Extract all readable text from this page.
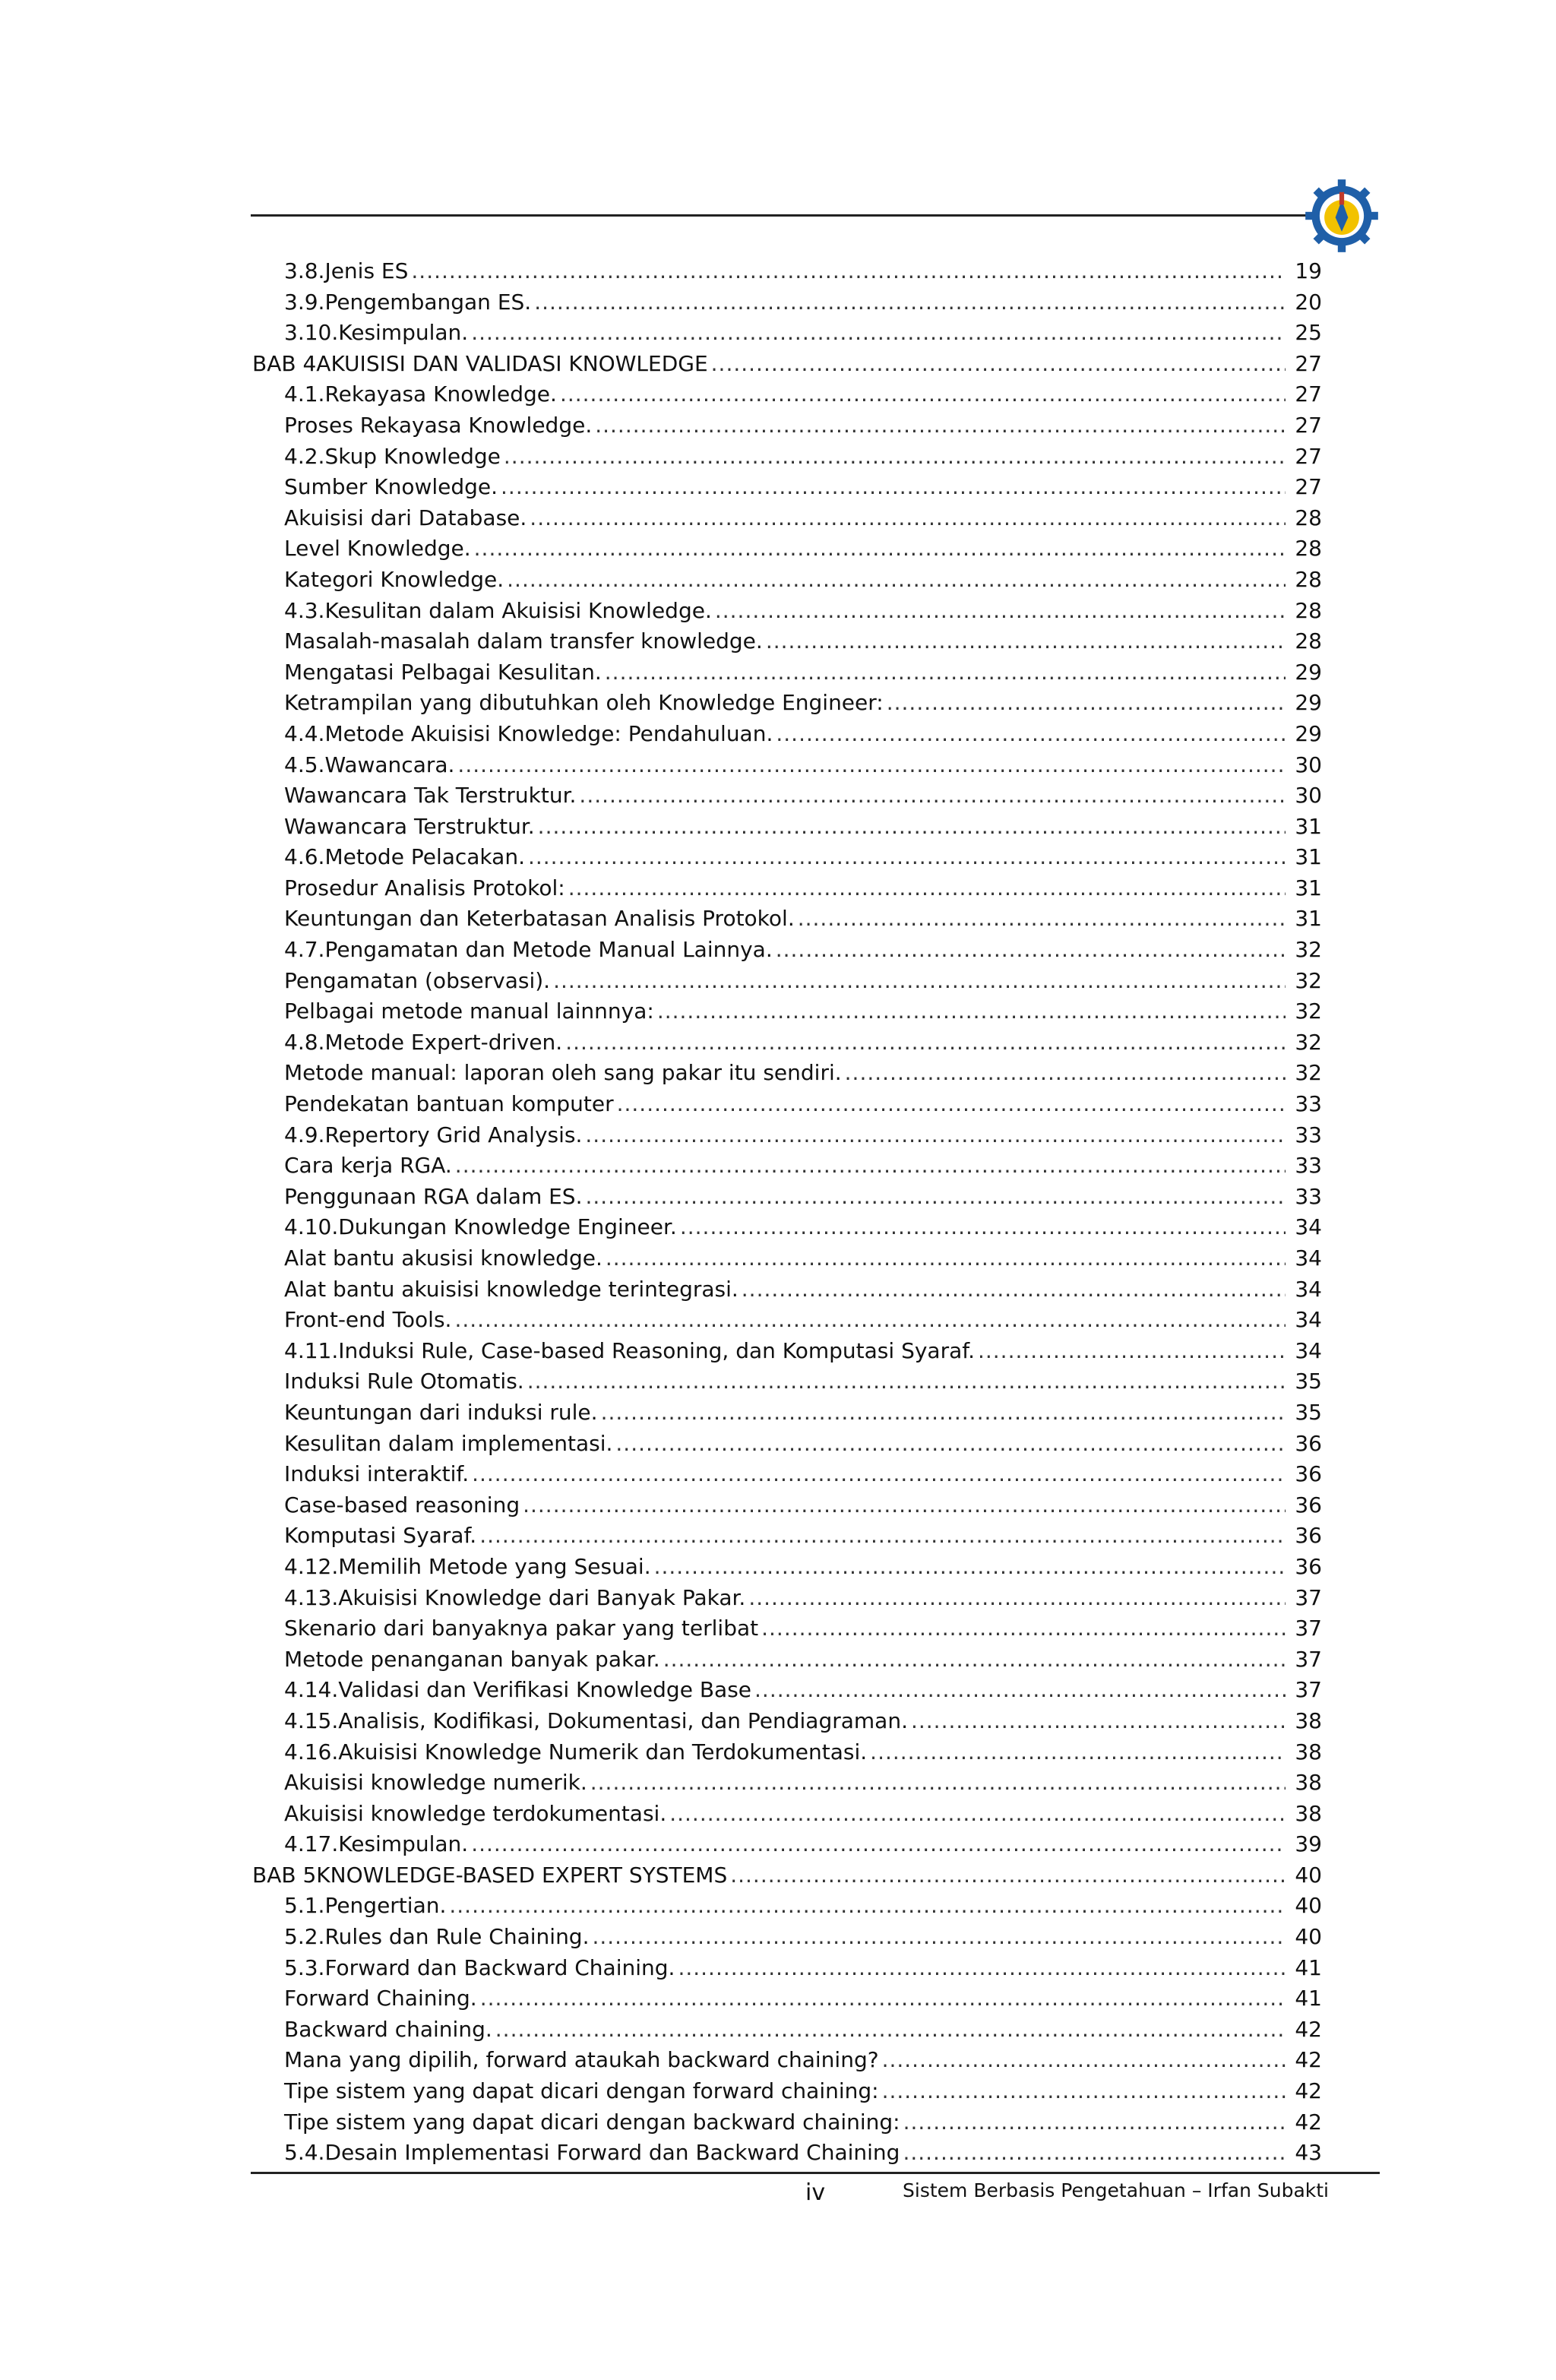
3.8. Jenis ES .....	19
3.9. Pengembangan ES. .....	20
3.10. Kesimpulan. .....	25
BAB 4 AKUISISI DAN VALIDASI KNOWLEDGE .....	27
4.1. Rekayasa Knowledge. .....	27
Proses Rekayasa Knowledge. .....	27
4.2. Skup Knowledge .....	27
Sumber Knowledge. .....	27
Akuisisi dari Database. .....	28
Level Knowledge. .....	28
Kategori Knowledge. .....	28
4.3. Kesulitan dalam Akuisisi Knowledge. .....	28
Masalah-masalah dalam transfer knowledge. .....	28
Mengatasi Pelbagai Kesulitan. .....	29
Ketrampilan yang dibutuhkan oleh Knowledge Engineer: .....	29
4.4. Metode Akuisisi Knowledge: Pendahuluan. .....	29
4.5. Wawancara. .....	30
Wawancara Tak Terstruktur. .....	30
Wawancara Terstruktur. .....	31
4.6. Metode Pelacakan. .....	31
Prosedur Analisis Protokol: .....	31
Keuntungan dan Keterbatasan Analisis Protokol. .....	31
4.7. Pengamatan dan Metode Manual Lainnya. .....	32
Pengamatan (observasi). .....	32
Pelbagai metode manual lainnnya: .....	32
4.8. Metode Expert-driven. .....	32
Metode manual: laporan oleh sang pakar itu sendiri. .....	32
Pendekatan bantuan komputer .....	33
4.9. Repertory Grid Analysis. .....	33
Cara kerja RGA. .....	33
Penggunaan RGA dalam ES. .....	33
4.10. Dukungan Knowledge Engineer. .....	34
Alat bantu akusisi knowledge. .....	34
Alat bantu akuisisi knowledge terintegrasi. .....	34
Front-end Tools. .....	34
4.11. Induksi Rule, Case-based Reasoning, dan Komputasi Syaraf. .....	34
Induksi Rule Otomatis. .....	35
Keuntungan dari induksi rule. .....	35
Kesulitan dalam implementasi. .....	36
Induksi interaktif. .....	36
Case-based reasoning .....	36
Komputasi Syaraf. .....	36
4.12. Memilih Metode yang Sesuai. .....	36
4.13. Akuisisi Knowledge dari Banyak Pakar. .....	37
Skenario dari banyaknya pakar yang terlibat .....	37
Metode penanganan banyak pakar. .....	37
4.14. Validasi dan Verifikasi Knowledge Base .....	37
4.15. Analisis, Kodifikasi, Dokumentasi, dan Pendiagraman. .....	38
4.16. Akuisisi Knowledge Numerik dan Terdokumentasi. .....	38
Akuisisi knowledge numerik. .....	38
Akuisisi knowledge terdokumentasi. .....	38
4.17. Kesimpulan. .....	39
BAB 5 KNOWLEDGE-BASED EXPERT SYSTEMS .....	40
5.1. Pengertian. .....	40
5.2. Rules dan Rule Chaining. .....	40
5.3. Forward dan Backward Chaining. .....	41
Forward Chaining. .....	41
Backward chaining. .....	42
Mana yang dipilih, forward ataukah backward chaining? .....	42
Tipe sistem yang dapat dicari dengan forward chaining: .....	42
Tipe sistem yang dapat dicari dengan backward chaining: .....	42
5.4. Desain Implementasi Forward dan Backward Chaining .....	43
iv	Sistem Berbasis Pengetahuan – Irfan Subakti
